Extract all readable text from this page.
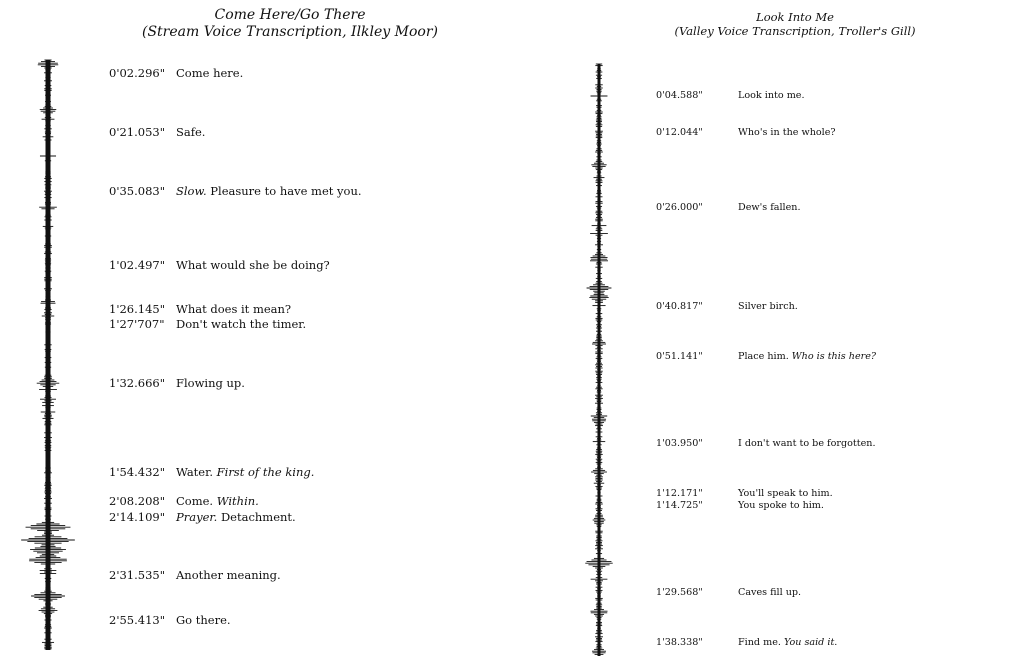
Come Here/Go There
(Stream Voice Transcription, Ilkley Moor)
0'02.296" Come here.
0'21.053" Safe.
0'35.083" Slow. Pleasure to have met you.
1'02.497" What would she be doing?
1'26.145" What does it mean?
1'27'707" Don't watch the timer.
1'32.666" Flowing up.
1'54.432" Water. First of the king.
2'08.208" Come. Within.
2'14.109" Prayer. Detachment.
2'31.535" Another meaning.
2'55.413" Go there.
Look Into Me
(Valley Voice Transcription, Troller's Gill)
0'04.588"	Look into me.
0'12.044"	Who's in the whole?
0'26.000"	Dew's fallen.
0'40.817"	Silver birch.
0'51.141"	Place him. Who is this here?
1'03.950"	I don't want to be forgotten.
1'12.171"	You'll speak to him.
1'14.725"	You spoke to him.
1'29.568"	Caves fill up.
1'38.338"	Find me. You said it.
